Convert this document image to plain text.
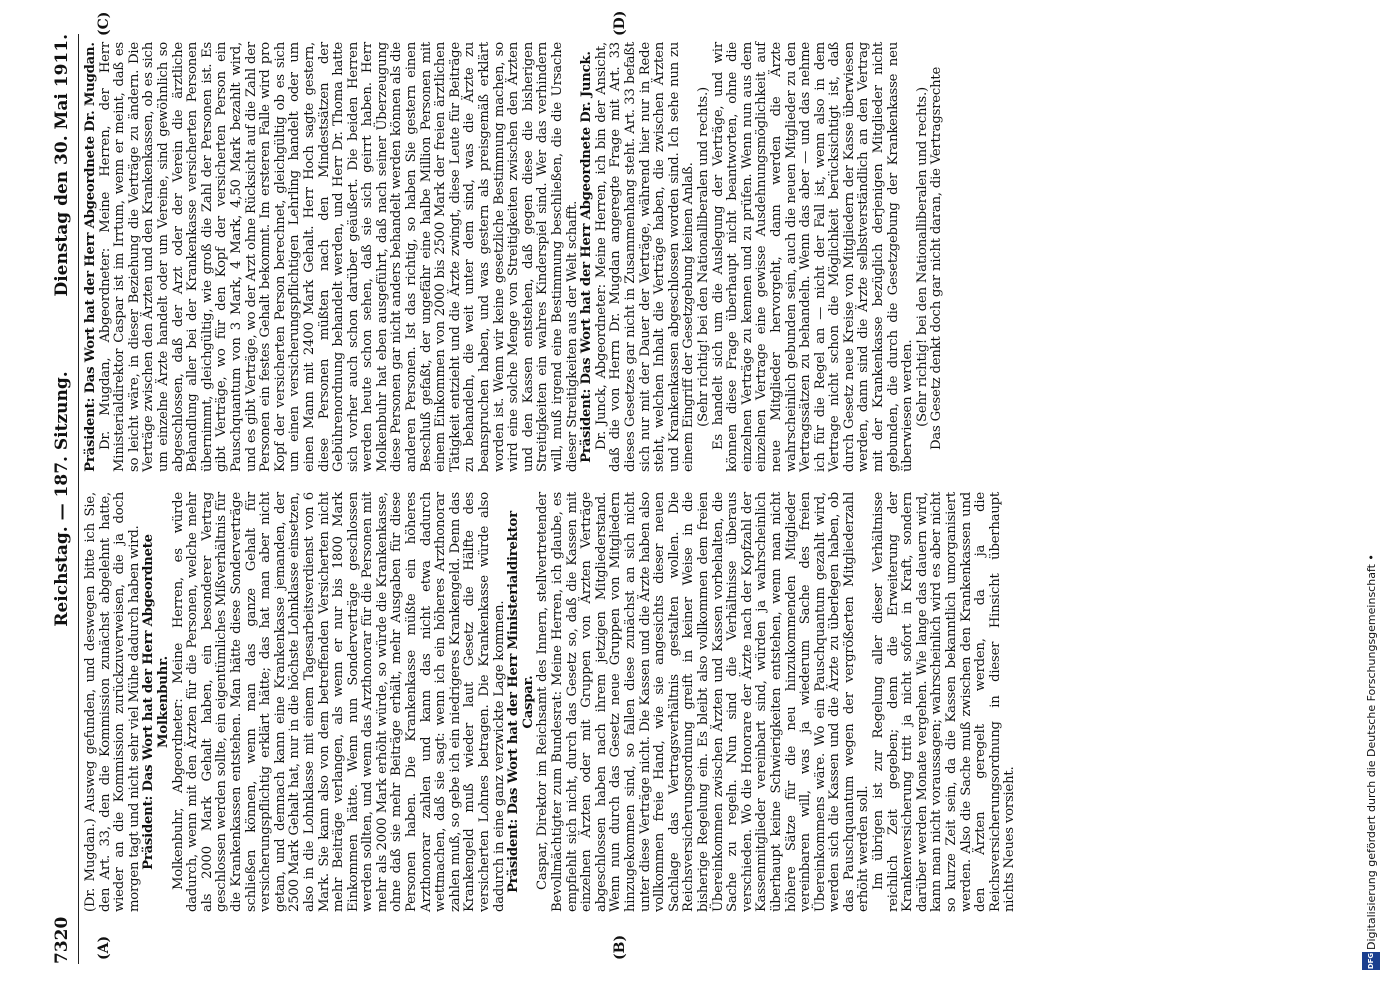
7320
Reichstag. — 187. Sitzung.
Dienstag den 30. Mai 1911.
(A)	(B)
(C)	(D)

(Dr. Mugdan.) Ausweg gefunden, und deswegen bitte ich Sie, den Art. 33, den die Kommission zunächst abgelehnt hatte, wieder an die Kommission zurückzuverweisen, die ja doch morgen tagt und nicht sehr viel Mühe dadurch haben wird. Präsident: Das Wort hat der Herr Abgeordnete Molkenbuhr. Molkenbuhr, Abgeordneter: Meine Herren, es würde dadurch, wenn mit den Ärzten für die Personen, welche mehr als 2000 Mark Gehalt haben, ein besonderer Vertrag geschlossen werden sollte, ein eigentümliches Mißverhältnis für die Krankenkassen entstehen. Man hätte diese Sonderverträge schließen können, wenn man das ganze Gehalt für versicherungspflichtig erklärt hätte; das hat man aber nicht getan, und demnach kann eine Krankenkasse jemanden, der 2500 Mark Gehalt hat, nur in die höchste Lohnklasse einsetzen, also in die Lohnklasse mit einem Tagesarbeitsverdienst von 6 Mark. Sie kann also von dem betreffenden Versicherten nicht mehr Beiträge verlangen, als wenn er nur bis 1800 Mark Einkommen hätte. Wenn nun Sonderverträge geschlossen werden sollten, und wenn das Arzthonorar für die Personen mit mehr als 2000 Mark erhöht würde, so würde die Krankenkasse, ohne daß sie mehr Beiträge erhält, mehr Ausgaben für diese Personen haben. Die Krankenkasse müßte ein höheres Arzthonorar zahlen und kann das nicht etwa dadurch wettmachen, daß sie sagt: wenn ich ein höheres Arzthonorar zahlen muß, so gebe ich ein niedrigeres Krankengeld. Denn das Krankengeld muß wieder laut Gesetz die Hälfte des versicherten Lohnes betragen. Die Krankenkasse würde also dadurch in eine ganz verzwickte Lage kommen. Präsident: Das Wort hat der Herr Ministerialdirektor Caspar. Caspar, Direktor im Reichsamt des Innern, stellvertretender Bevollmächtigter zum Bundesrat: Meine Herren, ich glaube, es empfiehlt sich nicht, durch das Gesetz so, daß die Kassen mit einzelnen Ärzten oder mit Gruppen von Ärzten Verträge abgeschlossen haben nach ihrem jetzigen Mitgliederstand. Wenn nun durch das Gesetz neue Gruppen von Mitgliedern hinzugekommen sind, so fallen diese zunächst an sich nicht unter diese Verträge nicht. Die Kassen und die Ärzte haben also vollkommen freie Hand, wie sie angesichts dieser neuen Sachlage das Vertragsverhältnis gestalten wollen. Die Reichsversicherungsordnung greift in keiner Weise in die bisherige Regelung ein. Es bleibt also vollkommen dem freien Übereinkommen zwischen Ärzten und Kassen vorbehalten, die Sache zu regeln. Nun sind die Verhältnisse überaus verschieden. Wo die Honorare der Ärzte nach der Kopfzahl der Kassenmitglieder vereinbart sind, würden ja wahrscheinlich überhaupt keine Schwierigkeiten entstehen, wenn man nicht höhere Sätze für die neu hinzukommenden Mitglieder vereinbaren will, was ja wiederum Sache des freien Übereinkommens wäre. Wo ein Pauschquantum gezahlt wird, werden sich die Kassen und die Ärzte zu überlegen haben, ob das Pauschquantum wegen der vergrößerten Mitgliederzahl erhöht werden soll. Im übrigen ist zur Regelung aller dieser Verhältnisse reichlich Zeit gegeben; denn die Erweiterung der Krankenversicherung tritt ja nicht sofort in Kraft, sondern darüber werden Monate vergehen. Wie lange das dauern wird, kann man nicht voraussagen; wahrscheinlich wird es aber nicht so kurze Zeit sein, da die Kassen bekanntlich umorganisiert werden. Also die Sache muß zwischen den Krankenkassen und den Ärzten geregelt werden, da ja die Reichsversicherungsordnung in dieser Hinsicht überhaupt nichts Neues vorsieht.

Präsident: Das Wort hat der Herr Abgeordnete Dr. Mugdan. Dr. Mugdan, Abgeordneter: Meine Herren, der Herr Ministerialdirektor Caspar ist im Irrtum, wenn er meint, daß es so leicht wäre, in dieser Beziehung die Verträge zu ändern. Die Verträge zwischen den Ärzten und den Krankenkassen, ob es sich um einzelne Ärzte handelt oder um Vereine, sind gewöhnlich so abgeschlossen, daß der Arzt oder der Verein die ärztliche Behandlung aller bei der Krankenkasse versicherten Personen übernimmt, gleichgültig, wie groß die Zahl der Personen ist. Es gibt Verträge, wo für den Kopf der versicherten Person ein Pauschquantum von 3 Mark, 4 Mark, 4,50 Mark bezahlt wird, und es gibt Verträge, wo der Arzt ohne Rücksicht auf die Zahl der Personen ein festes Gehalt bekommt. Im ersteren Falle wird pro Kopf der versicherten Person berechnet, gleichgültig ob es sich um einen versicherungspflichtigen Lehrling handelt oder um einen Mann mit 2400 Mark Gehalt. Herr Hoch sagte gestern, diese Personen müßten nach den Mindestsätzen der Gebührenordnung behandelt werden, und Herr Dr. Thoma hatte sich vorher auch schon darüber geäußert. Die beiden Herren werden heute schon sehen, daß sie sich geirrt haben. Herr Molkenbuhr hat eben ausgeführt, daß nach seiner Überzeugung diese Personen gar nicht anders behandelt werden können als die anderen Personen. Ist das richtig, so haben Sie gestern einen Beschluß gefaßt, der ungefähr eine halbe Million Personen mit einem Einkommen von 2000 bis 2500 Mark der freien ärztlichen Tätigkeit entzieht und die Ärzte zwingt, diese Leute für Beiträge zu behandeln, die weit unter dem sind, was die Ärzte zu beanspruchen haben, und was gestern als preisgemäß erklärt worden ist. Wenn wir keine gesetzliche Bestimmung machen, so wird eine solche Menge von Streitigkeiten zwischen den Ärzten und den Kassen entstehen, daß gegen diese die bisherigen Streitigkeiten ein wahres Kinderspiel sind. Wer das verhindern will, muß irgend eine Bestimmung beschließen, die die Ursache dieser Streitigkeiten aus der Welt schafft. Präsident: Das Wort hat der Herr Abgeordnete Dr. Junck. Dr. Junck, Abgeordneter: Meine Herren, ich bin der Ansicht, daß die von Herrn Dr. Mugdan angeregte Frage mit Art. 33 dieses Gesetzes gar nicht in Zusammenhang steht. Art. 33 befaßt sich nur mit der Dauer der Verträge, während hier nur in Rede steht, welchen Inhalt die Verträge haben, die zwischen Ärzten und Krankenkassen abgeschlossen worden sind. Ich sehe nun zu einem Eingriff der Gesetzgebung keinen Anlaß. (Sehr richtig! bei den Nationalliberalen und rechts.) Es handelt sich um die Auslegung der Verträge, und wir können diese Frage überhaupt nicht beantworten, ohne die einzelnen Verträge zu kennen und zu prüfen. Wenn nun aus dem einzelnen Vertrage eine gewisse Ausdehnungsmöglichkeit auf neue Mitglieder hervorgeht, dann werden die Ärzte wahrscheinlich gebunden sein, auch die neuen Mitglieder zu den Vertragssätzen zu behandeln. Wenn das aber — und das nehme ich für die Regel an — nicht der Fall ist, wenn also in dem Vertrage nicht schon die Möglichkeit berücksichtigt ist, daß durch Gesetz neue Kreise von Mitgliedern der Kasse überwiesen werden, dann sind die Ärzte selbstverständlich an den Vertrag mit der Krankenkasse bezüglich derjenigen Mitglieder nicht gebunden, die durch die Gesetzgebung der Krankenkasse neu überwiesen werden. (Sehr richtig! bei den Nationalliberalen und rechts.) Das Gesetz denkt doch gar nicht daran, die Vertragsrechte

DFG
Digitalisierung gefördert durch die Deutsche Forschungsgemeinschaft •
